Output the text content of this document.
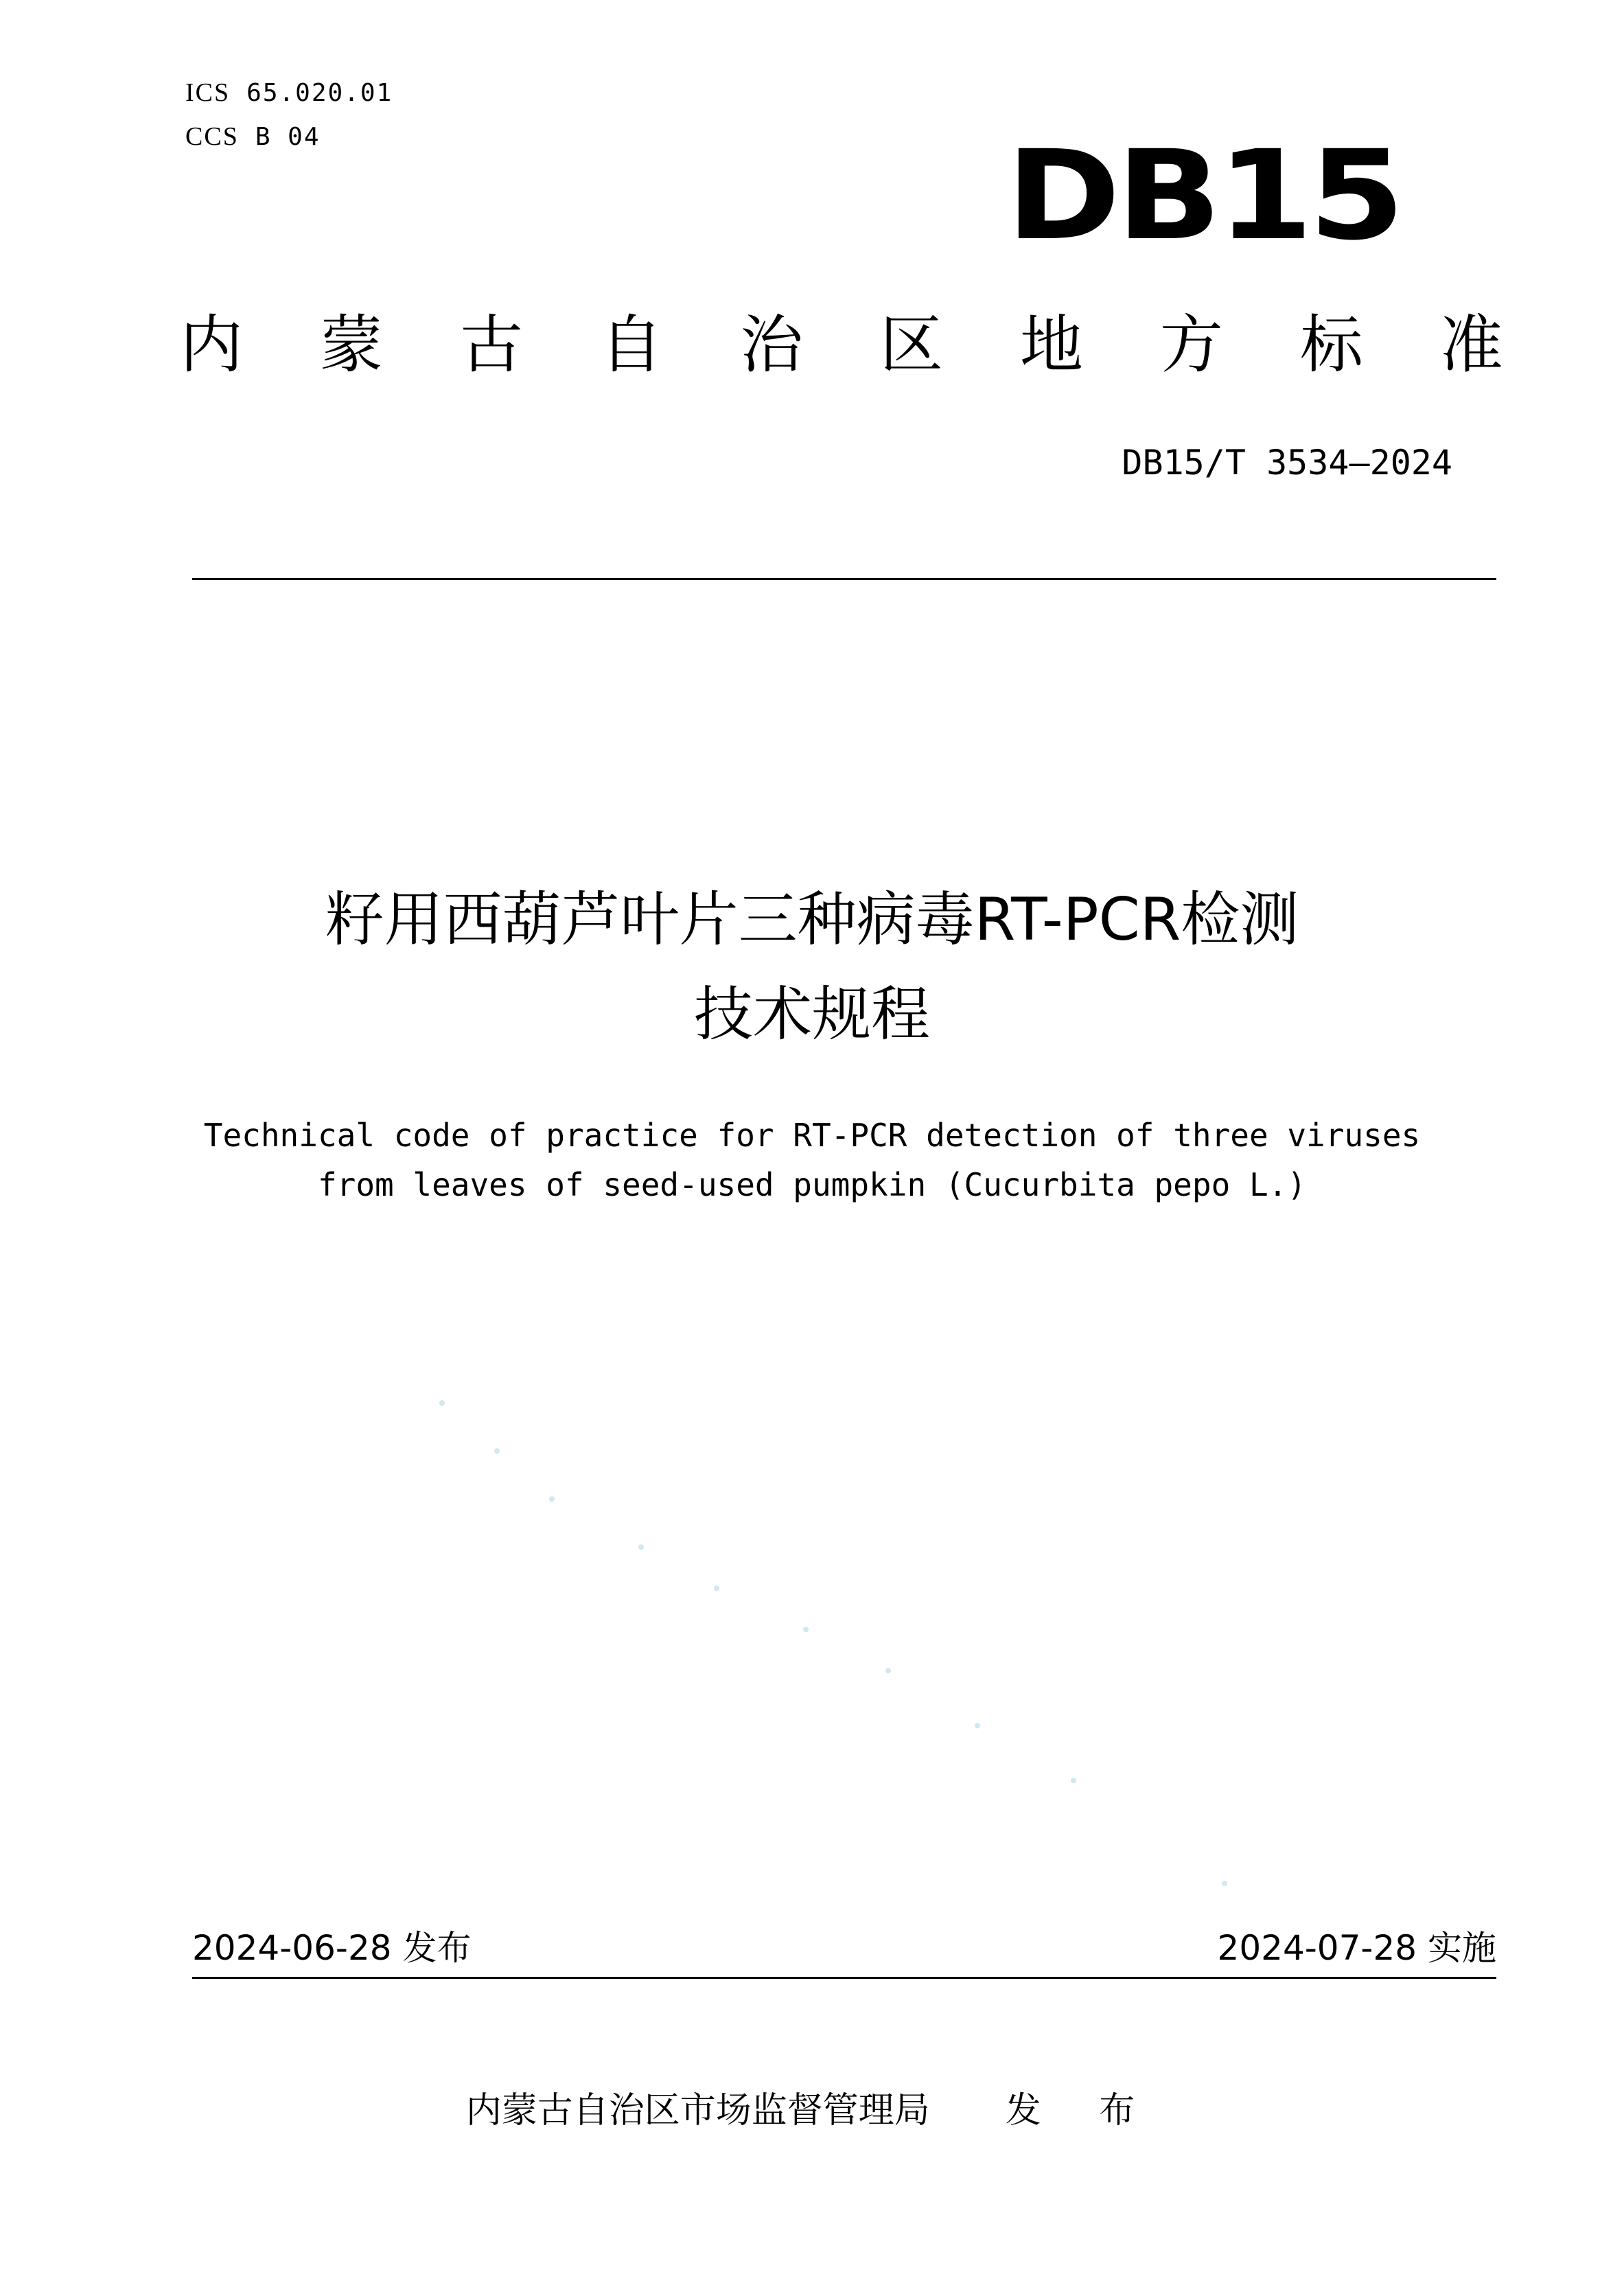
ICS 65.020.01
CCS B 04	DB15
内 蒙 古 自 治 区 地 方 标 准
DB15/T 3534—2024
籽用西葫芦叶片三种病毒RT-PCR检测
技术规程
Technical code of practice for RT-PCR detection of three viruses
from leaves of seed-used pumpkin (Cucurbita pepo L.)
2024-06-28 发布	2024-07-28 实施
内蒙古自治区市场监督管理局 发 布
